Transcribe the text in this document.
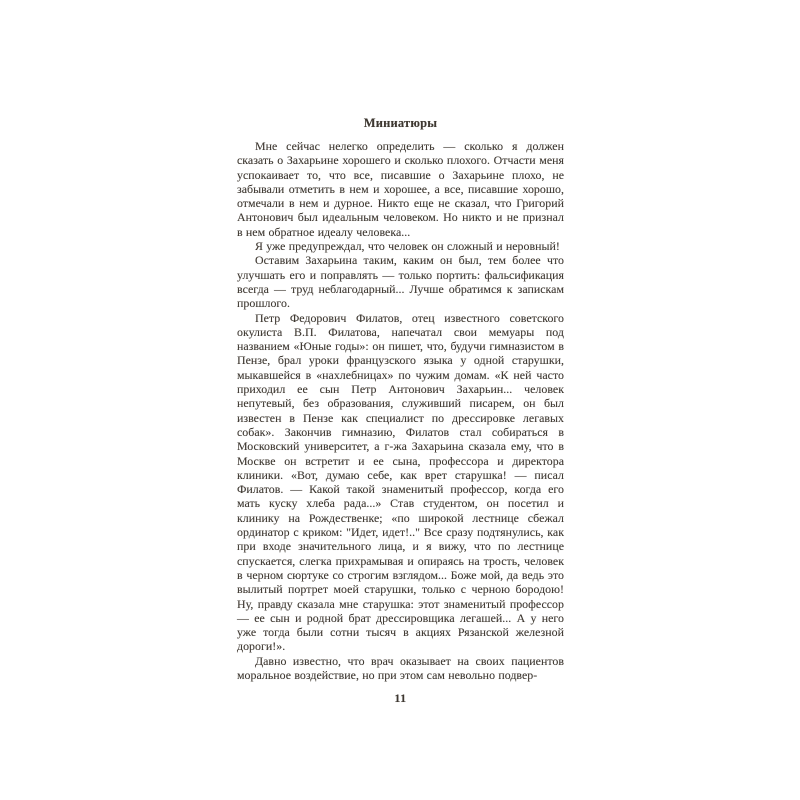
Миниатюры

Мне сейчас нелегко определить — сколько я должен сказать о Захарьине хорошего и сколько плохого. Отчасти меня успокаивает то, что все, писавшие о Захарьине плохо, не забывали отметить в нем и хорошее, а все, писавшие хорошо, отмечали в нем и дурное. Никто еще не сказал, что Григорий Антонович был идеальным человеком. Но никто и не признал в нем обратное идеалу человека...

Я уже предупреждал, что человек он сложный и неровный!

Оставим Захарьина таким, каким он был, тем более что улучшать его и поправлять — только портить: фальсификация всегда — труд неблагодарный... Лучше обратимся к запискам прошлого.

Петр Федорович Филатов, отец известного советского окулиста В.П. Филатова, напечатал свои мемуары под названием «Юные годы»: он пишет, что, будучи гимназистом в Пензе, брал уроки французского языка у одной старушки, мыкавшейся в «нахлебницах» по чужим домам. «К ней часто приходил ее сын Петр Антонович Захарьин... человек непутевый, без образования, служивший писарем, он был известен в Пензе как специалист по дрессировке легавых собак». Закончив гимназию, Филатов стал собираться в Московский университет, а г-жа Захарьина сказала ему, что в Москве он встретит и ее сына, профессора и директора клиники. «Вот, думаю себе, как врет старушка! — писал Филатов. — Какой такой знаменитый профессор, когда его мать куску хлеба рада...» Став студентом, он посетил и клинику на Рождественке; «по широкой лестнице сбежал ординатор с криком: "Идет, идет!.." Все сразу подтянулись, как при входе значительного лица, и я вижу, что по лестнице спускается, слегка прихрамывая и опираясь на трость, человек в черном сюртуке со строгим взглядом... Боже мой, да ведь это вылитый портрет моей старушки, только с черною бородою! Ну, правду сказала мне старушка: этот знаменитый профессор — ее сын и родной брат дрессировщика легашей... А у него уже тогда были сотни тысяч в акциях Рязанской железной дороги!».

Давно известно, что врач оказывает на своих пациентов моральное воздействие, но при этом сам невольно подвер-

11
